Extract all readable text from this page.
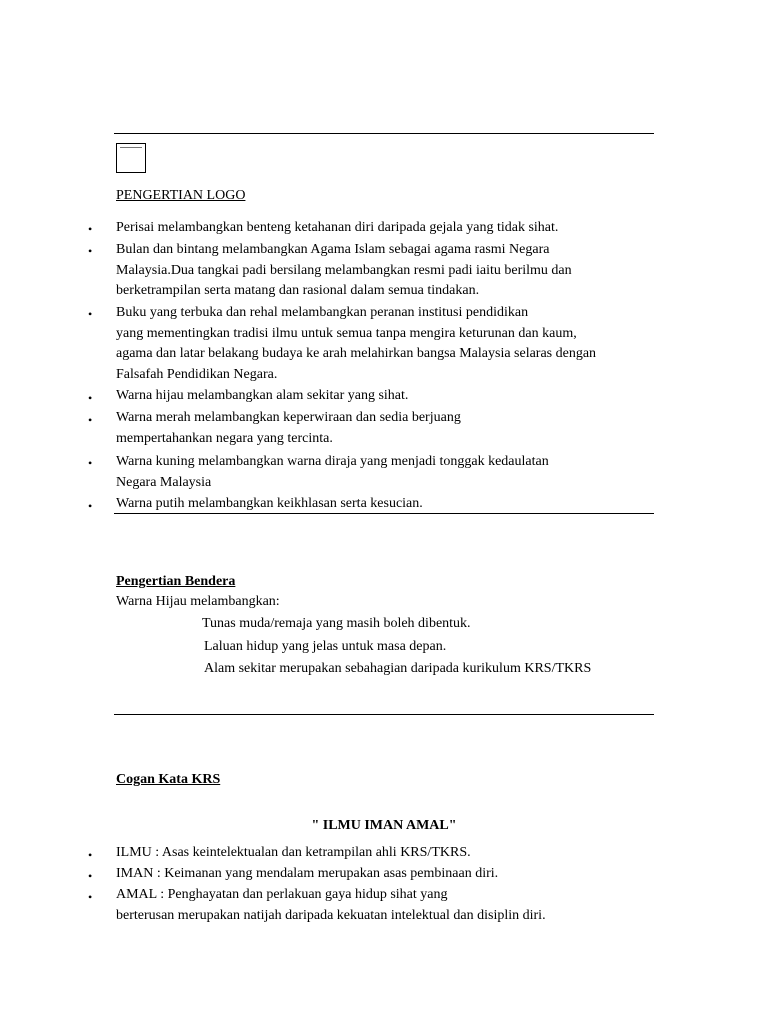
PENGERTIAN LOGO
• Perisai melambangkan benteng ketahanan diri daripada gejala yang tidak sihat.

• Bulan dan bintang melambangkan Agama Islam sebagai agama rasmi Negara
Malaysia.Dua tangkai padi bersilang melambangkan resmi padi iaitu berilmu dan
berketrampilan serta matang dan rasional dalam semua tindakan.

• Buku yang terbuka dan rehal melambangkan peranan institusi pendidikan
yang mementingkan tradisi ilmu untuk semua tanpa mengira keturunan dan kaum,
agama dan latar belakang budaya ke arah melahirkan bangsa Malaysia selaras dengan
Falsafah Pendidikan Negara.

• Warna hijau melambangkan alam sekitar yang sihat.

• Warna merah melambangkan keperwiraan dan sedia berjuang
mempertahankan negara yang tercinta.

• Warna kuning melambangkan warna diraja yang menjadi tonggak kedaulatan
Negara Malaysia

• Warna putih melambangkan keikhlasan serta kesucian.

Pengertian Bendera
Warna Hijau melambangkan:
Tunas muda/remaja yang masih boleh dibentuk.
Laluan hidup yang jelas untuk masa depan.
Alam sekitar merupakan sebahagian daripada kurikulum KRS/TKRS
Cogan Kata KRS
" ILMU IMAN AMAL"
• ILMU : Asas keintelektualan dan ketrampilan ahli KRS/TKRS.

• IMAN : Keimanan yang mendalam merupakan asas pembinaan diri.

• AMAL : Penghayatan dan perlakuan gaya hidup sihat yang
berterusan merupakan natijah daripada kekuatan intelektual dan disiplin diri.
